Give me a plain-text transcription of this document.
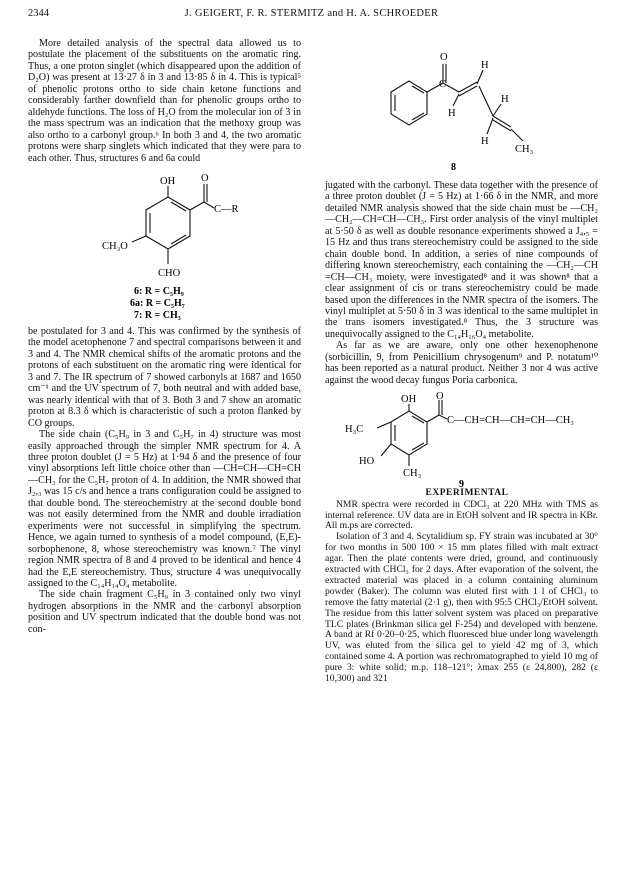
2344	J. GEIGERT, F. R. STERMITZ and H. A. SCHROEDER

More detailed analysis of the spectral data allowed us to postulate the placement of the substituents on the aromatic ring. Thus, a one proton singlet (which disappeared upon the addition of D₂O) was present at 13·27 δ in 3 and 13·85 δ in 4. This is typical⁵ of phenolic protons ortho to side chain ketone functions and considerably farther downfield than for phenolic groups ortho to aldehyde functions. The loss of H₂O from the molecular ion of 3 in the mass spectrum was an indication that the methoxy group was also ortho to a carbonyl group.⁶ In both 3 and 4, the two aromatic protons were sharp singlets which indicated that they were para to each other. Thus, structures 6 and 6a could

OH O
C—R
CH₃O
CHO
6: R = C₅H₉
6a: R = C₅H₇
7: R = CH₃

be postulated for 3 and 4. This was confirmed by the synthesis of the model acetophenone 7 and spectral comparisons between it and 3 and 4. The NMR chemical shifts of the aromatic protons and the protons of each substituent on the aromatic ring were identical for 3 and 7. The IR spectrum of 7 showed carbonyls at 1687 and 1650 cm⁻¹ and the UV spectrum of 7, both neutral and with added base, was nearly identical with that of 3. Both 3 and 7 show an aromatic proton at 8.3 δ which is characteristic of such a proton flanked by CO groups.

The side chain (C₅H₉ in 3 and C₅H₇ in 4) structure was most easily approached through the simpler NMR spectrum for 4. A three proton doublet (J = 5 Hz) at 1·94 δ and the presence of four vinyl absorptions left little choice other than —CH=CH—CH=CH—CH₃ for the C₅H₇ proton of 4. In addition, the NMR showed that J₂,₃ was 15 c/s and hence a trans configuration could be assigned to that double bond. The stereochemistry at the second double bond was not easily determined from the NMR and double irradiation experiments were not successful in simplifying the spectrum. Hence, we again turned to synthesis of a model compound, (E,E)-sorbophenone, 8, whose stereochemistry was known.⁷ The vinyl region NMR spectra of 8 and 4 proved to be identical and hence 4 had the E,E stereochemistry. Thus, structure 4 was unequivocally assigned to the C₁₄H₁₄O₄ metabolite.

The side chain fragment C₅H₉ in 3 contained only two vinyl hydrogen absorptions in the NMR and the carbonyl absorption position and UV spectrum indicated that the double bond was not con-

O
C
H
H
H
H
CH₃
8

jugated with the carbonyl. These data together with the presence of a three proton doublet (J = 5 Hz) at 1·66 δ in the NMR, and more detailed NMR analysis showed that the side chain must be —CH₂—CH₂—CH=CH—CH₃. First order analysis of the vinyl multiplet at 5·50 δ as well as double resonance experiments showed a J₄,₅ = 15 Hz and thus trans stereochemistry could be assigned to the side chain double bond. In addition, a series of nine compounds of differing known stereochemistry, each containing the —CH₂—CH =CH—CH₃ moiety, were investigated⁸ and it was shown⁸ that a clear assignment of cis or trans stereochemistry could be made based upon the differences in the NMR spectra of the isomers. The vinyl multiplet at 5·50 δ in 3 was identical to the same multiplet in the trans isomers investigated.⁸ Thus, the 3 structure was unequivocally assigned to the C₁₄H₁₆O₄ metabolite.

As far as we are aware, only one other hexenophenone (sorbicillin, 9, from Penicillium chrysogenum⁹ and P. notatum¹⁰ has been reported as a natural product. Neither 3 nor 4 was active against the wood decay fungus Poria carbonica.

OH O
H₃C
C—CH=CH—CH=CH—CH₃
HO
CH₃
9

EXPERIMENTAL

NMR spectra were recorded in CDCl₃ at 220 MHz with TMS as internal reference. UV data are in EtOH solvent and IR spectra in KBr. All m.ps are corrected.

Isolation of 3 and 4. Scytalidium sp. FY strain was incubated at 30° for two months in 500 100 × 15 mm plates filled with malt extract agar. Then the plate contents were dried, ground, and continuously extracted with CHCl₃ for 2 days. After evaporation of the solvent, the extracted material was placed in a column containing aluminum powder (Baker). The column was eluted first with 1 l of CHCl₃ to remove the fatty material (2·1 g), then with 95:5 CHCl₃/EtOH solvent. The residue from this latter solvent system was placed on preparative TLC plates (Brinkman silica gel F-254) and developed with benzene. A band at Rf 0·20–0·25, which fluoresced blue under long wavelength UV, was eluted from the silica gel to yield 42 mg of 3, which contained some 4. A portion was rechromatographed to yield 10 mg of pure 3: white solid; m.p. 118–121°; λmax 255 (ε 24,800), 282 (ε 10,300) and 321
